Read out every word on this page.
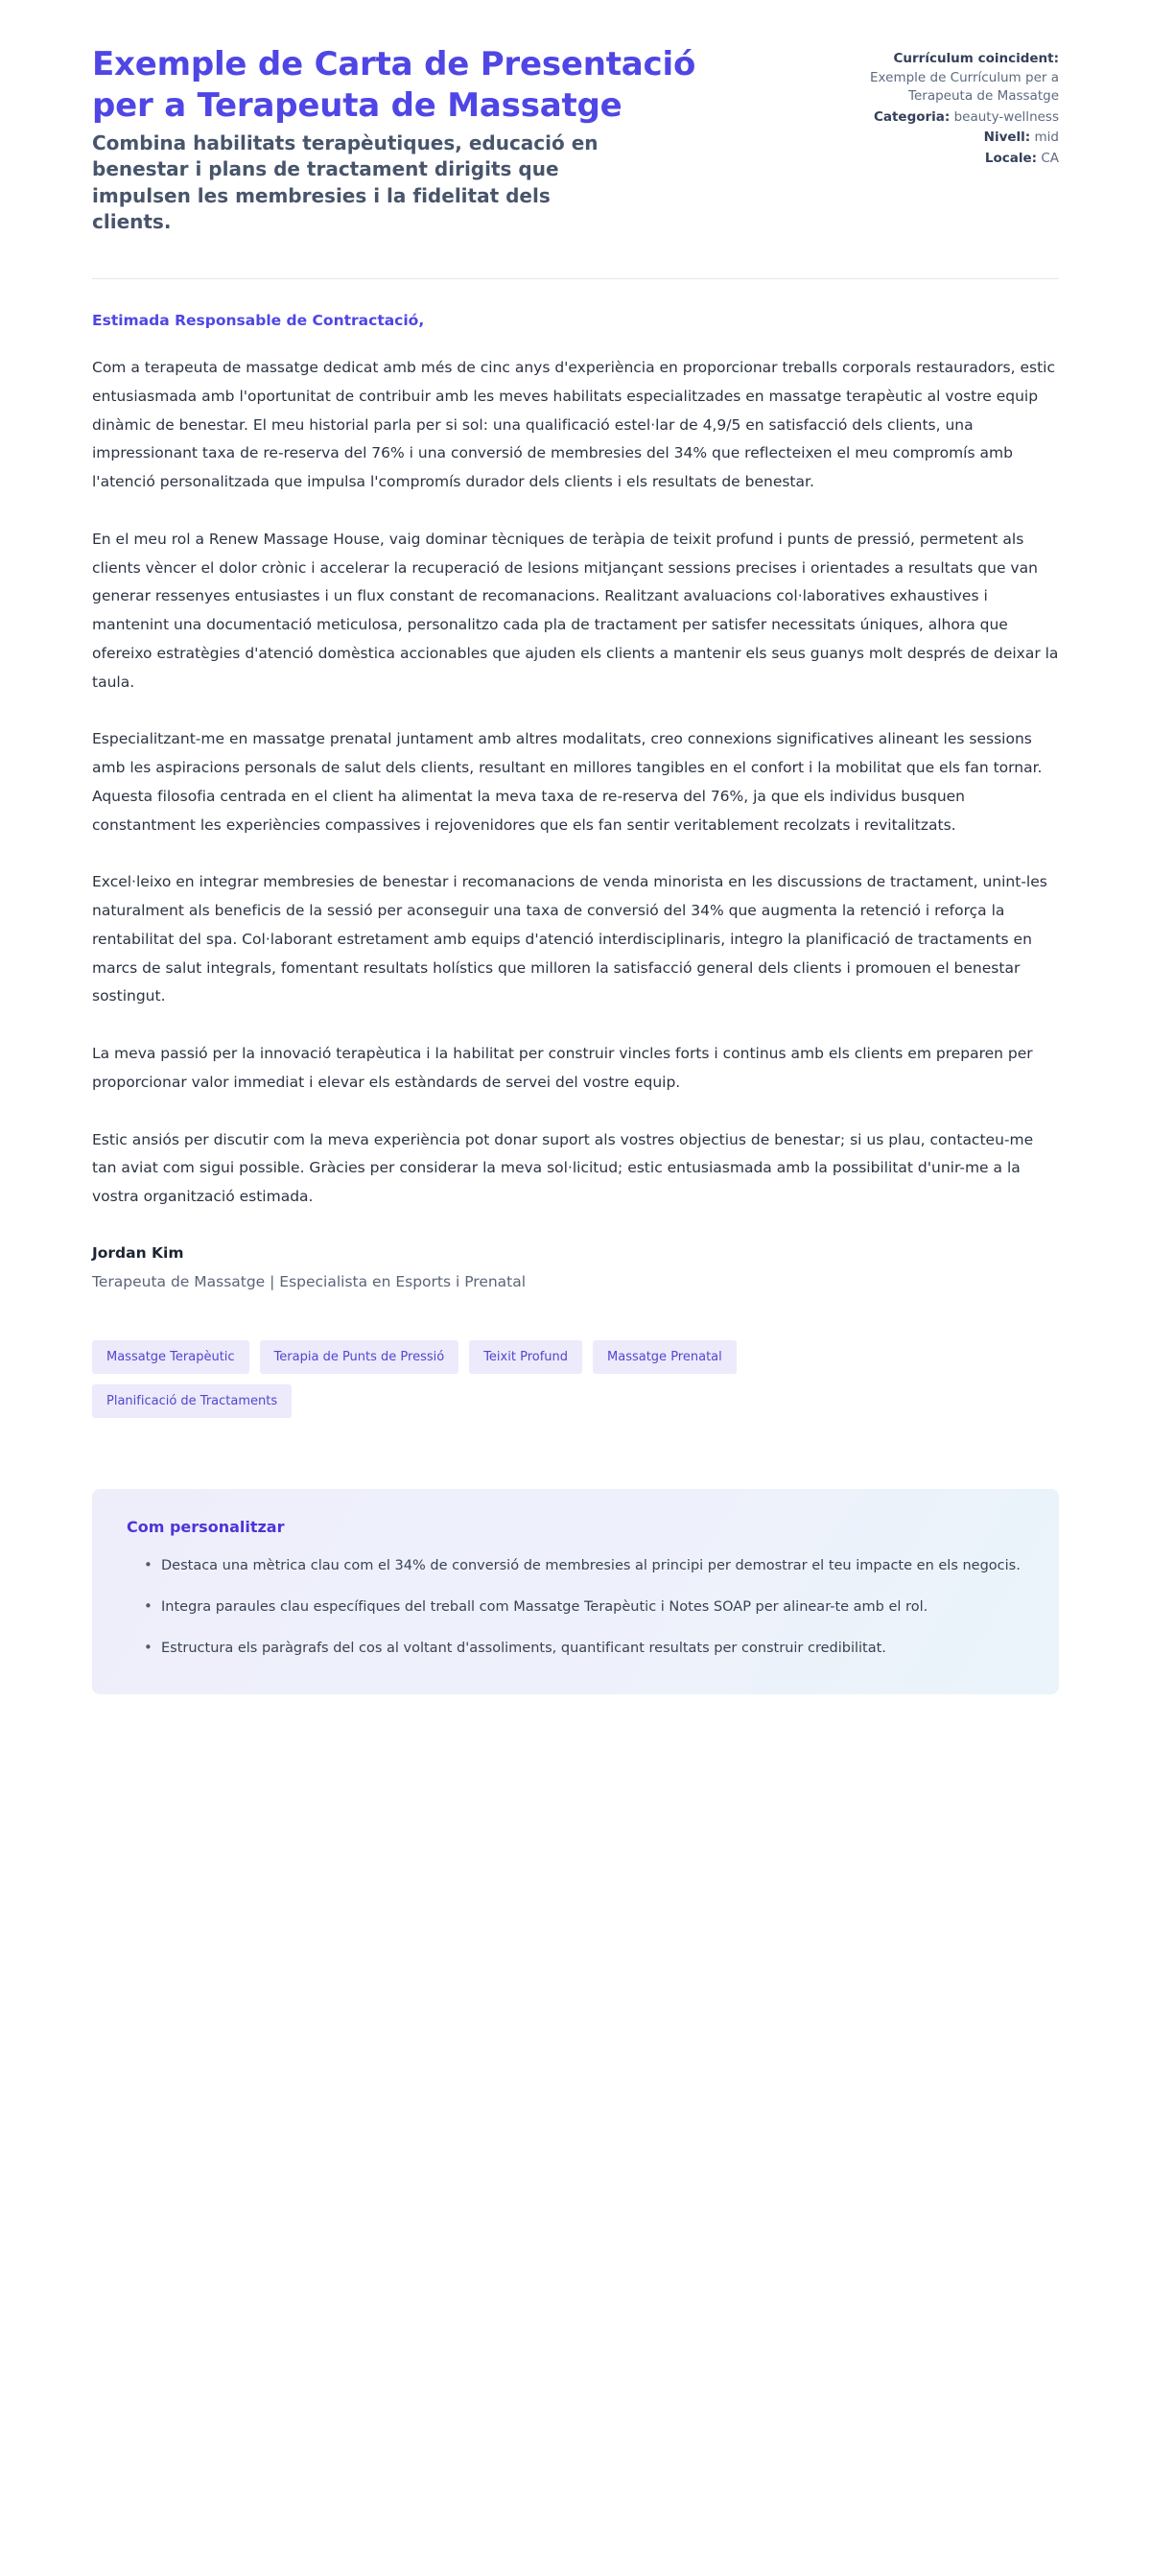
Exemple de Carta de Presentació per a Terapeuta de Massatge

Combina habilitats terapèutiques, educació en benestar i plans de tractament dirigits que impulsen les membresies i la fidelitat dels clients.

Currículum coincident:
Exemple de Currículum per a Terapeuta de Massatge
Categoria: beauty-wellness
Nivell: mid
Locale: CA

Estimada Responsable de Contractació,

Com a terapeuta de massatge dedicat amb més de cinc anys d'experiència en proporcionar treballs corporals restauradors, estic entusiasmada amb l'oportunitat de contribuir amb les meves habilitats especialitzades en massatge terapèutic al vostre equip dinàmic de benestar. El meu historial parla per si sol: una qualificació estel·lar de 4,9/5 en satisfacció dels clients, una impressionant taxa de re-reserva del 76% i una conversió de membresies del 34% que reflecteixen el meu compromís amb l'atenció personalitzada que impulsa l'compromís durador dels clients i els resultats de benestar.

En el meu rol a Renew Massage House, vaig dominar tècniques de teràpia de teixit profund i punts de pressió, permetent als clients vèncer el dolor crònic i accelerar la recuperació de lesions mitjançant sessions precises i orientades a resultats que van generar ressenyes entusiastes i un flux constant de recomanacions. Realitzant avaluacions col·laboratives exhaustives i mantenint una documentació meticulosa, personalitzo cada pla de tractament per satisfer necessitats úniques, alhora que ofereixo estratègies d'atenció domèstica accionables que ajuden els clients a mantenir els seus guanys molt després de deixar la taula.

Especialitzant-me en massatge prenatal juntament amb altres modalitats, creo connexions significatives alineant les sessions amb les aspiracions personals de salut dels clients, resultant en millores tangibles en el confort i la mobilitat que els fan tornar. Aquesta filosofia centrada en el client ha alimentat la meva taxa de re-reserva del 76%, ja que els individus busquen constantment les experiències compassives i rejovenidores que els fan sentir veritablement recolzats i revitalitzats.

Excel·leixo en integrar membresies de benestar i recomanacions de venda minorista en les discussions de tractament, unint-les naturalment als beneficis de la sessió per aconseguir una taxa de conversió del 34% que augmenta la retenció i reforça la rentabilitat del spa. Col·laborant estretament amb equips d'atenció interdisciplinaris, integro la planificació de tractaments en marcs de salut integrals, fomentant resultats holístics que milloren la satisfacció general dels clients i promouen el benestar sostingut.

La meva passió per la innovació terapèutica i la habilitat per construir vincles forts i continus amb els clients em preparen per proporcionar valor immediat i elevar els estàndards de servei del vostre equip.

Estic ansiós per discutir com la meva experiència pot donar suport als vostres objectius de benestar; si us plau, contacteu-me tan aviat com sigui possible. Gràcies per considerar la meva sol·licitud; estic entusiasmada amb la possibilitat d'unir-me a la vostra organització estimada.

Jordan Kim

Terapeuta de Massatge | Especialista en Esports i Prenatal

Massatge Terapèutic	Terapia de Punts de Pressió	Teixit Profund	Massatge Prenatal
Planificació de Tractaments

Com personalitzar

• Destaca una mètrica clau com el 34% de conversió de membresies al principi per demostrar el teu impacte en els negocis.
• Integra paraules clau específiques del treball com Massatge Terapèutic i Notes SOAP per alinear-te amb el rol.
• Estructura els paràgrafs del cos al voltant d'assoliments, quantificant resultats per construir credibilitat.
